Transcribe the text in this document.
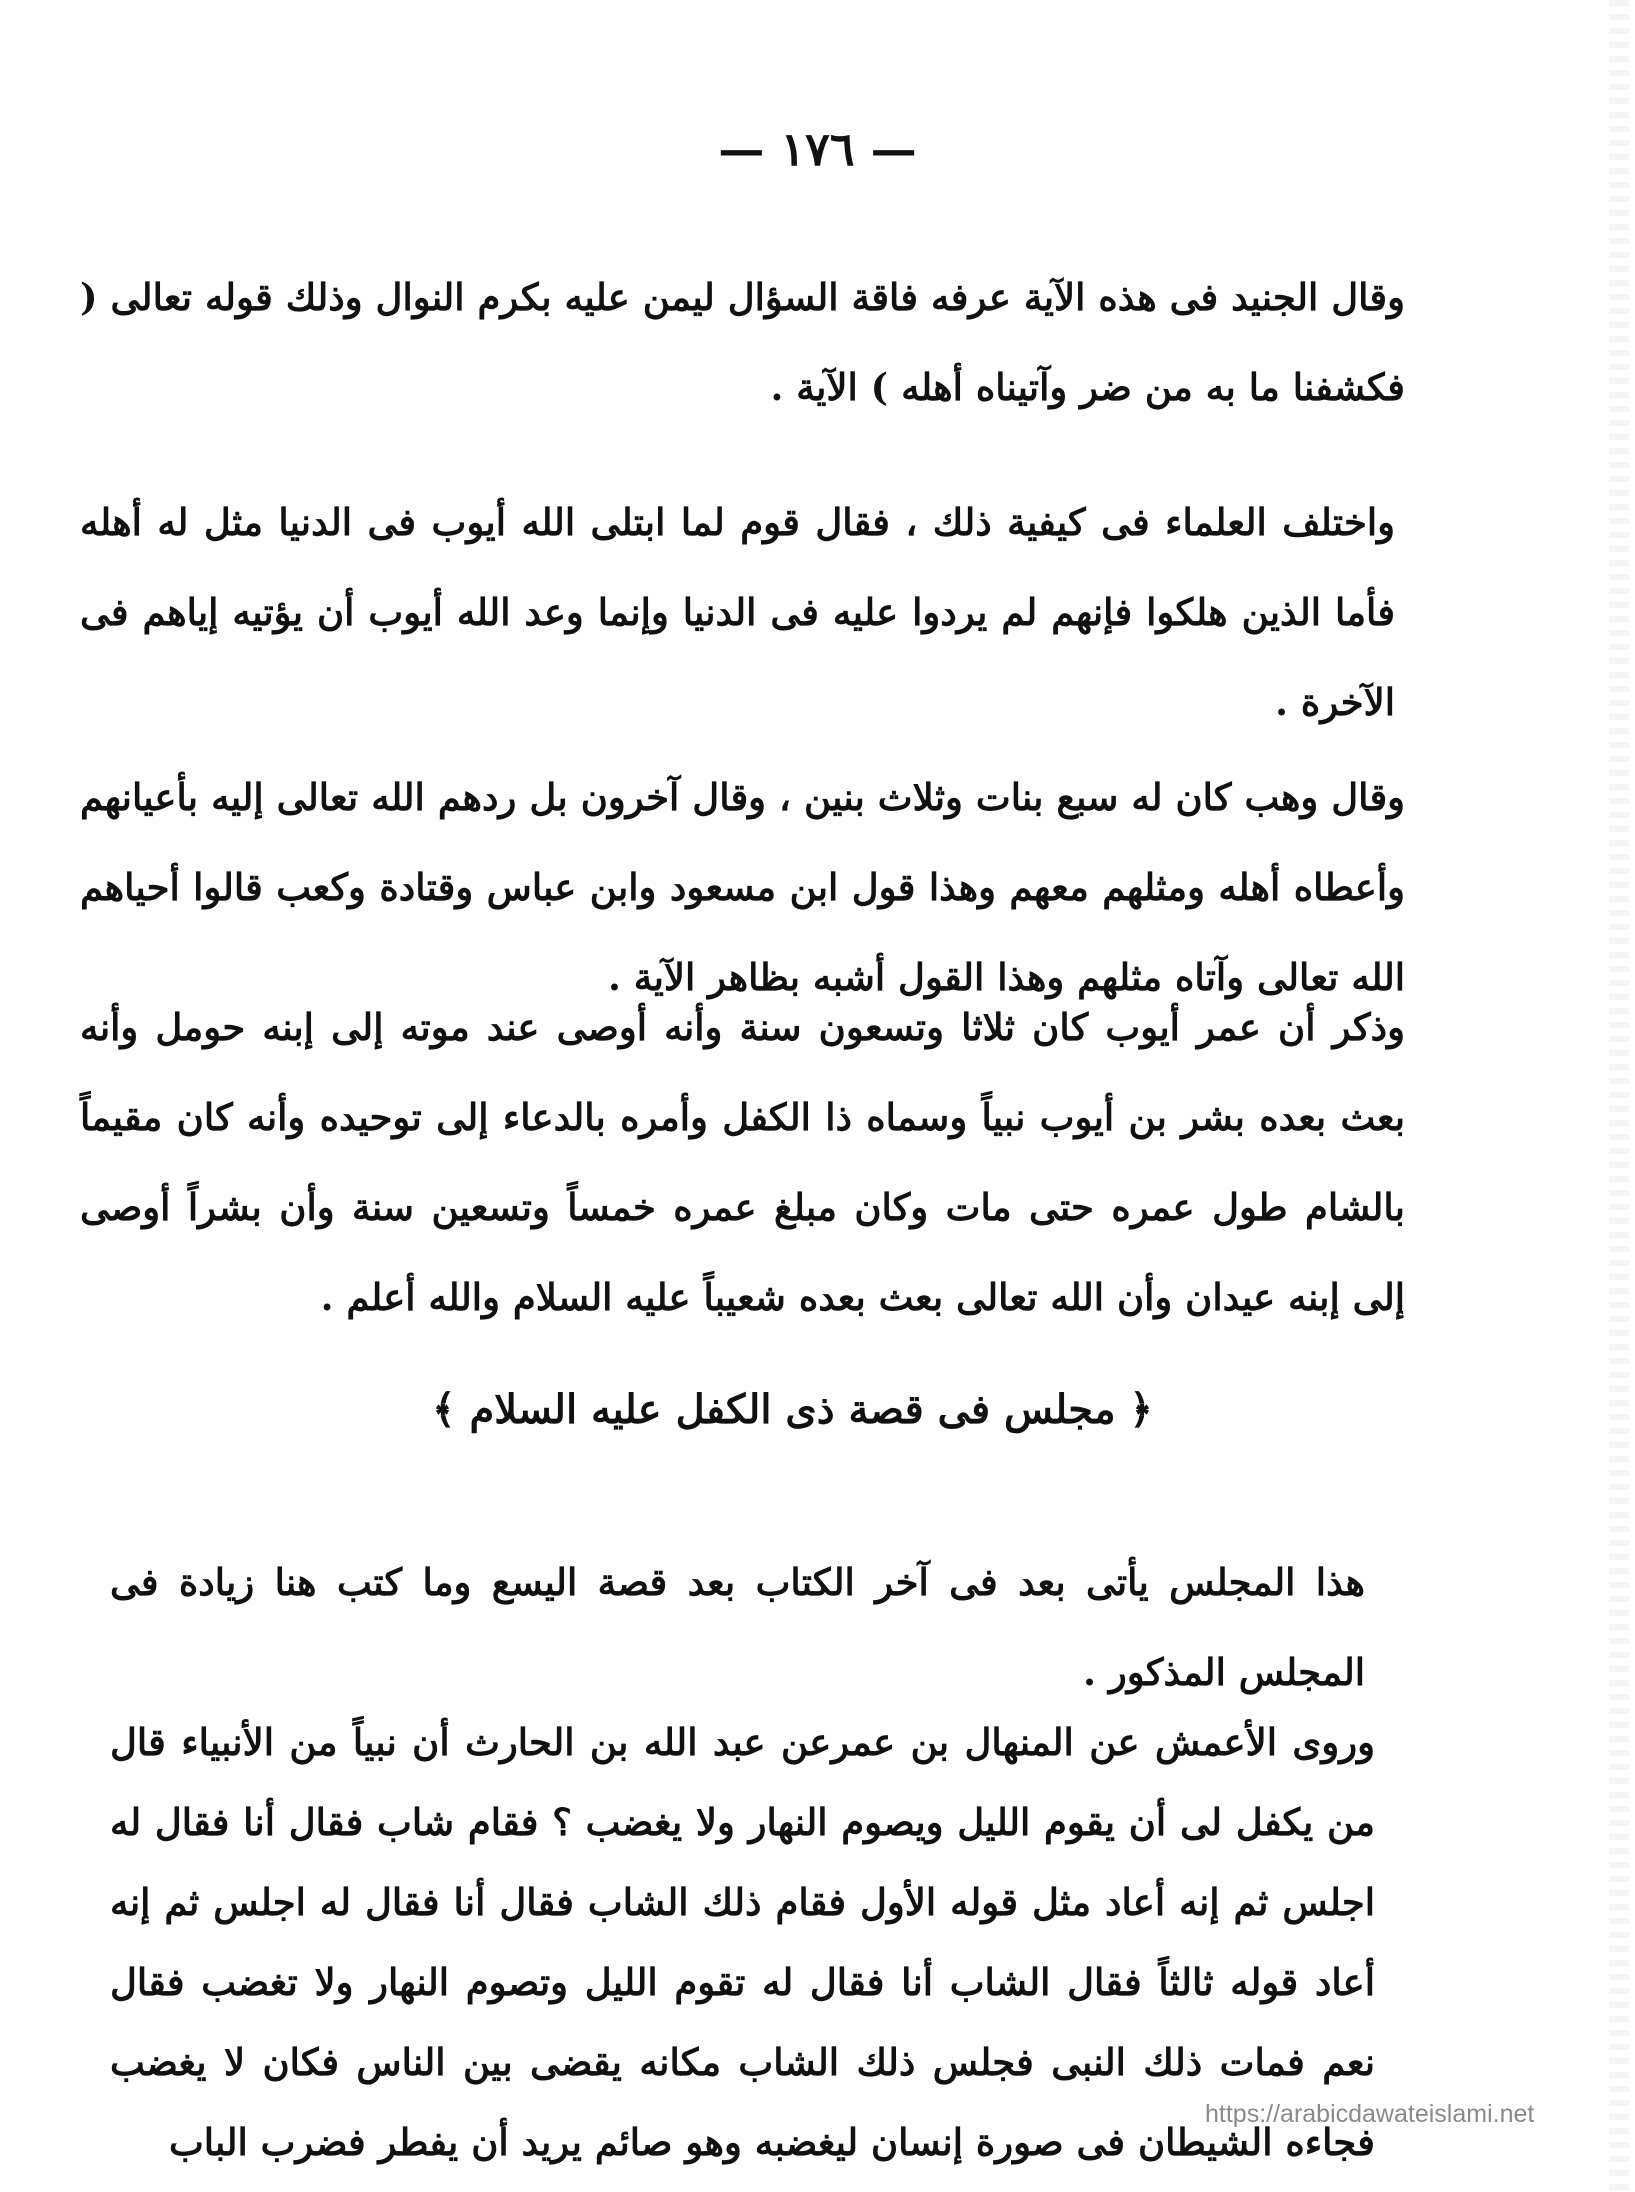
— ١٧٦ —

وقال الجنيد فى هذه الآية عرفه فاقة السؤال ليمن عليه بكرم النوال وذلك قوله تعالى ( فكشفنا ما به من ضر وآتيناه أهله ) الآية .

واختلف العلماء فى كيفية ذلك ، فقال قوم لما ابتلى الله أيوب فى الدنيا مثل له أهله فأما الذين هلكوا فإنهم لم يردوا عليه فى الدنيا وإنما وعد الله أيوب أن يؤتيه إياهم فى الآخرة .

وقال وهب كان له سبع بنات وثلاث بنين ، وقال آخرون بل ردهم الله تعالى إليه بأعيانهم وأعطاه أهله ومثلهم معهم وهذا قول ابن مسعود وابن عباس وقتادة وكعب قالوا أحياهم الله تعالى وآتاه مثلهم وهذا القول أشبه بظاهر الآية .

وذكر أن عمر أيوب كان ثلاثا وتسعون سنة وأنه أوصى عند موته إلى إبنه حومل وأنه بعث بعده بشر بن أيوب نبياً وسماه ذا الكفل وأمره بالدعاء إلى توحيده وأنه كان مقيماً بالشام طول عمره حتى مات وكان مبلغ عمره خمساً وتسعين سنة وأن بشراً أوصى إلى إبنه عيدان وأن الله تعالى بعث بعده شعيباً عليه السلام والله أعلم .

﴿ مجلس فى قصة ذى الكفل عليه السلام ﴾

هذا المجلس يأتى بعد فى آخر الكتاب بعد قصة اليسع وما كتب هنا زيادة فى المجلس المذكور .

وروى الأعمش عن المنهال بن عمرعن عبد الله بن الحارث أن نبياً من الأنبياء قال من يكفل لى أن يقوم الليل ويصوم النهار ولا يغضب ؟ فقام شاب فقال أنا فقال له اجلس ثم إنه أعاد مثل قوله الأول فقام ذلك الشاب فقال أنا فقال له اجلس ثم إنه أعاد قوله ثالثاً فقال الشاب أنا فقال له تقوم الليل وتصوم النهار ولا تغضب فقال نعم فمات ذلك النبى فجلس ذلك الشاب مكانه يقضى بين الناس فكان لا يغضب فجاءه الشيطان فى صورة إنسان ليغضبه وهو صائم يريد أن يفطر فضرب الباب

https://arabicdawateislami.net
